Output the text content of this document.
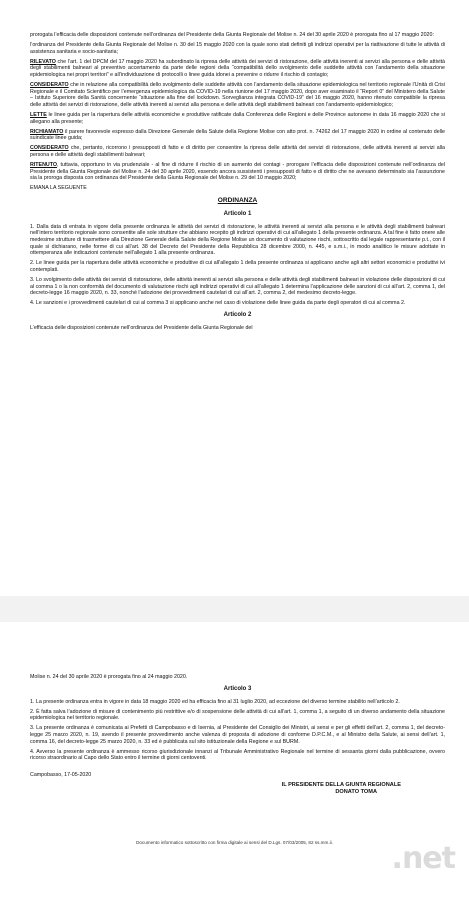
prorogata l’efficacia delle disposizioni contenute nell’ordinanza del Presidente della Giunta Regionale del Molise n. 24 del 30 aprile 2020 è prorogata fino al 17 maggio 2020:

l’ordinanza del Presidente della Giunta Regionale del Molise n. 30 del 15 maggio 2020 con la quale sono stati definiti gli indirizzi operativi per la riattivazione di tutte le attività di assistenza sanitaria e socio-sanitaria;

RILEVATO che l’art. 1 del DPCM del 17 maggio 2020 ha subordinato la ripresa delle attività dei servizi di ristorazione, delle attività inerenti ai servizi alla persona e delle attività degli stabilimenti balneari al preventivo accertamento da parte delle regioni della “compatibilità dello svolgimento delle suddette attività con l’andamento della situazione epidemiologica nei propri territori” e all’individuazione di protocolli o linee guida idonei a prevenire o ridurre il rischio di contagio;

CONSIDERATO che in relazione alla compatibilità dello svolgimento delle suddette attività con l’andamento della situazione epidemiologica nel territorio regionale l’Unità di Crisi Regionale e il Comitato Scientifico per l’emergenza epidemiologica da COVID-19 nella riunione del 17 maggio 2020, dopo aver esaminato il “Report 0” del Ministero della Salute – Istituto Superiore della Sanità concernente “situazione alla fine del lockdown. Sorveglianza integrata COVID-19” del 16 maggio 2020, hanno ritenuto compatibile la ripresa delle attività dei servizi di ristorazione, delle attività inerenti ai servizi alla persona e delle attività degli stabilimenti balneari con l’andamento epidemiologico;

LETTE le linee guida per la riapertura delle attività economiche e produttive ratificate dalla Conferenza delle Regioni e delle Province autonome in data 16 maggio 2020 che si allegano alla presente;

RICHIAMATO il parere favorevole espresso dalla Direzione Generale della Salute della Regione Molise con atto prot. n. 74262 del 17 maggio 2020 in ordine al contenuto delle suindicate linee guida;

CONSIDERATO che, pertanto, ricorrono i presupposti di fatto e di diritto per consentire la ripresa delle attività dei servizi di ristorazione, delle attività inerenti ai servizi alla persona e delle attività degli stabilimenti balneari;

RITENUTO, tuttavia, opportuno in via prudenziale - al fine di ridurre il rischio di un aumento dei contagi - prorogare l’efficacia delle disposizioni contenute nell’ordinanza del Presidente della Giunta Regionale del Molise n. 24 del 30 aprile 2020, essendo ancora sussistenti i presupposti di fatto e di diritto che ne avevano determinato sia l’assunzione sia la proroga disposta con ordinanza del Presidente della Giunta Regionale del Molise n. 29 del 10 maggio 2020;

EMANA LA SEGUENTE

ORDINANZA
Articolo 1

1. Dalla data di entrata in vigore della presente ordinanza le attività dei servizi di ristorazione, le attività inerenti ai servizi alla persona e le attività degli stabilimenti balneari nell’intero territorio regionale sono consentite alle sole strutture che abbiano recepito gli indirizzi operativi di cui all’allegato 1 della presente ordinanza. A tal fine è fatto onere alle medesime strutture di trasmettere alla Direzione Generale della Salute della Regione Molise un documento di valutazione rischi, sottoscritto dal legale rappresentante p.t., con il quale si dichiarano, nelle forme di cui all’art. 38 del Decreto del Presidente della Repubblica 28 dicembre 2000, n. 445, e s.m.i., in modo analitico le misure adottate in ottemperanza alle indicazioni contenute nell’allegato 1 alla presente ordinanza.

2. Le linee guida per la riapertura delle attività economiche e produttive di cui all’allegato 1 della presente ordinanza si applicano anche agli altri settori economici e produttivi ivi contemplati.

3. Lo svolgimento delle attività dei servizi di ristorazione, delle attività inerenti ai servizi alla persona e delle attività degli stabilimenti balneari in violazione delle disposizioni di cui al comma 1 o la non conformità del documento di valutazione rischi agli indirizzi operativi di cui all’allegato 1 determina l’applicazione delle sanzioni di cui all’art. 2, comma 1, del decreto-legge 16 maggio 2020, n. 33, nonché l’adozione dei provvedimenti cautelari di cui all’art. 2, comma 2, del medesimo decreto-legge.

4. Le sanzioni e i provvedimenti cautelari di cui al comma 3 si applicano anche nel caso di violazione delle linee guida da parte degli operatori di cui al comma 2.

Articolo 2

L’efficacia delle disposizioni contenute nell’ordinanza del Presidente della Giunta Regionale del

Molise n. 24 del 30 aprile 2020 è prorogata fino al 24 maggio 2020.

Articolo 3

1. La presente ordinanza entra in vigore in data 18 maggio 2020 ed ha efficacia fino al 31 luglio 2020, ad eccezione del diverso termine stabilito nell’articolo 2.

2. È fatta salva l’adozione di misure di contenimento più restrittive e/o di sospensione delle attività di cui all’art. 1, comma 1, a seguito di un diverso andamento della situazione epidemiologica nel territorio regionale.

3. La presente ordinanza è comunicata ai Prefetti di Campobasso e di Isernia, al Presidente del Consiglio dei Ministri, ai sensi e per gli effetti dell’art. 2, comma 1, del decreto-legge 25 marzo 2020, n. 19, avendo il presente provvedimento anche valenza di proposta di adozione di conforme D.P.C.M., e al Ministro della Salute, ai sensi dell’art. 1, comma 16, del decreto-legge 25 marzo 2020, n. 33 ed è pubblicata sul sito istituzionale della Regione e sul BURM.

4. Avverso la presente ordinanza è ammesso ricorso giurisdizionale innanzi al Tribunale Amministrativo Regionale nel termine di sessanta giorni dalla pubblicazione, ovvero ricorso straordinario al Capo dello Stato entro il termine di giorni centoventi.

Campobasso, 17-05-2020

IL PRESIDENTE DELLA GIUNTA REGIONALE
DONATO TOMA
Documento informatico sottoscritto con firma digitale ai sensi del D.Lgs. 07/03/2005, 82 ss.mm.ii.	.net
